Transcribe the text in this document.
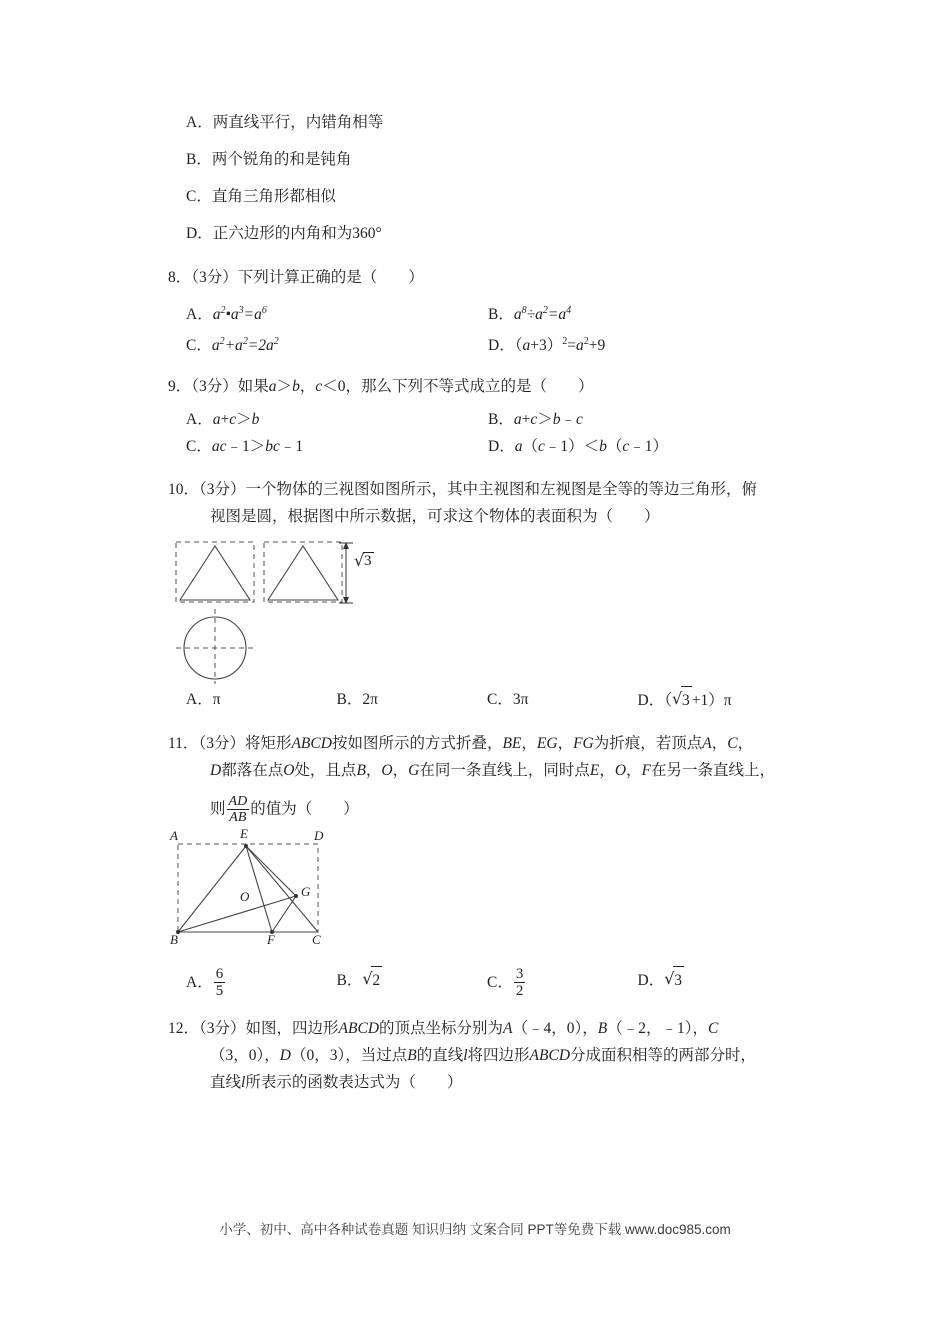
A．两直线平行，内错角相等
B．两个锐角的和是钝角
C．直角三角形都相似
D．正六边形的内角和为360°
8．（3分）下列计算正确的是（　　）
A．$a^2•a^3=a^6$	B．$a^8\div a^2=a^4$
C．$a^2+a^2=2a^2$	D．$(a+3)^2=a^2+9$
9．（3分）如果a＞b，c＜0，那么下列不等式成立的是（　　）
A．a+c＞b	B．a+c＞b﹣c
C．ac﹣1＞bc﹣1	D．a（c﹣1）＜b（c﹣1）
10．（3分）一个物体的三视图如图所示，其中主视图和左视图是全等的等边三角形，俯
视图是圆，根据图中所示数据，可求这个物体的表面积为（　　）
√ 3
A．π	B．2π	C．3π	D．（ √ 3 +1）π
11．（3分）将矩形ABCD按如图所示的方式折叠，BE，EG，FG为折痕，若顶点A，C，
D都落在点O处，且点B，O，G在同一条直线上，同时点E，O，F在另一条直线上，
则 $\frac{AD}{AB}$ 的值为（　　）
A	E	D
O	G
B	F	C
A． $\frac{6}{5}$	B． √ 2	C． $\frac{3}{2}$	D． √ 3
12．（3分）如图，四边形ABCD的顶点坐标分别为A（﹣4，0），B（﹣2，﹣1），C
（3，0），D（0，3），当过点B的直线l将四边形ABCD分成面积相等的两部分时，
直线l所表示的函数表达式为（　　）
小学、初中、高中各种试卷真题 知识归纳 文案合同 PPT等免费下载 www.doc985.com
